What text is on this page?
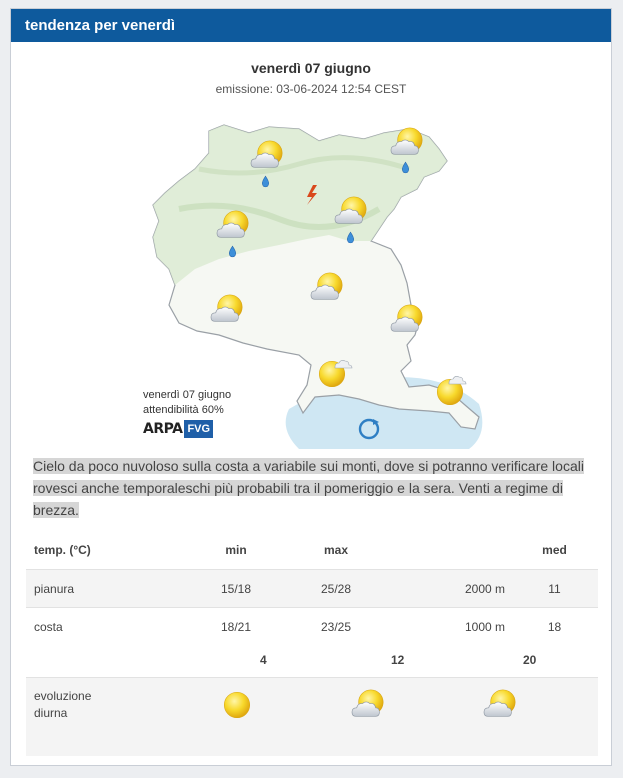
tendenza per venerdì
venerdì 07 giugno
emissione: 03-06-2024 12:54 CEST
venerdì 07 giugno
attendibilità 60%
ARPA FVG
Cielo da poco nuvoloso sulla costa a variabile sui monti, dove si potranno verificare locali rovesci anche temporaleschi più probabili tra il pomeriggio e la sera. Venti a regime di brezza.
temp. (°C)	min	max		med
pianura	15/18	25/28	2000 m	11
costa	18/21	23/25	1000 m	18
4	12	20
evoluzione diurna
